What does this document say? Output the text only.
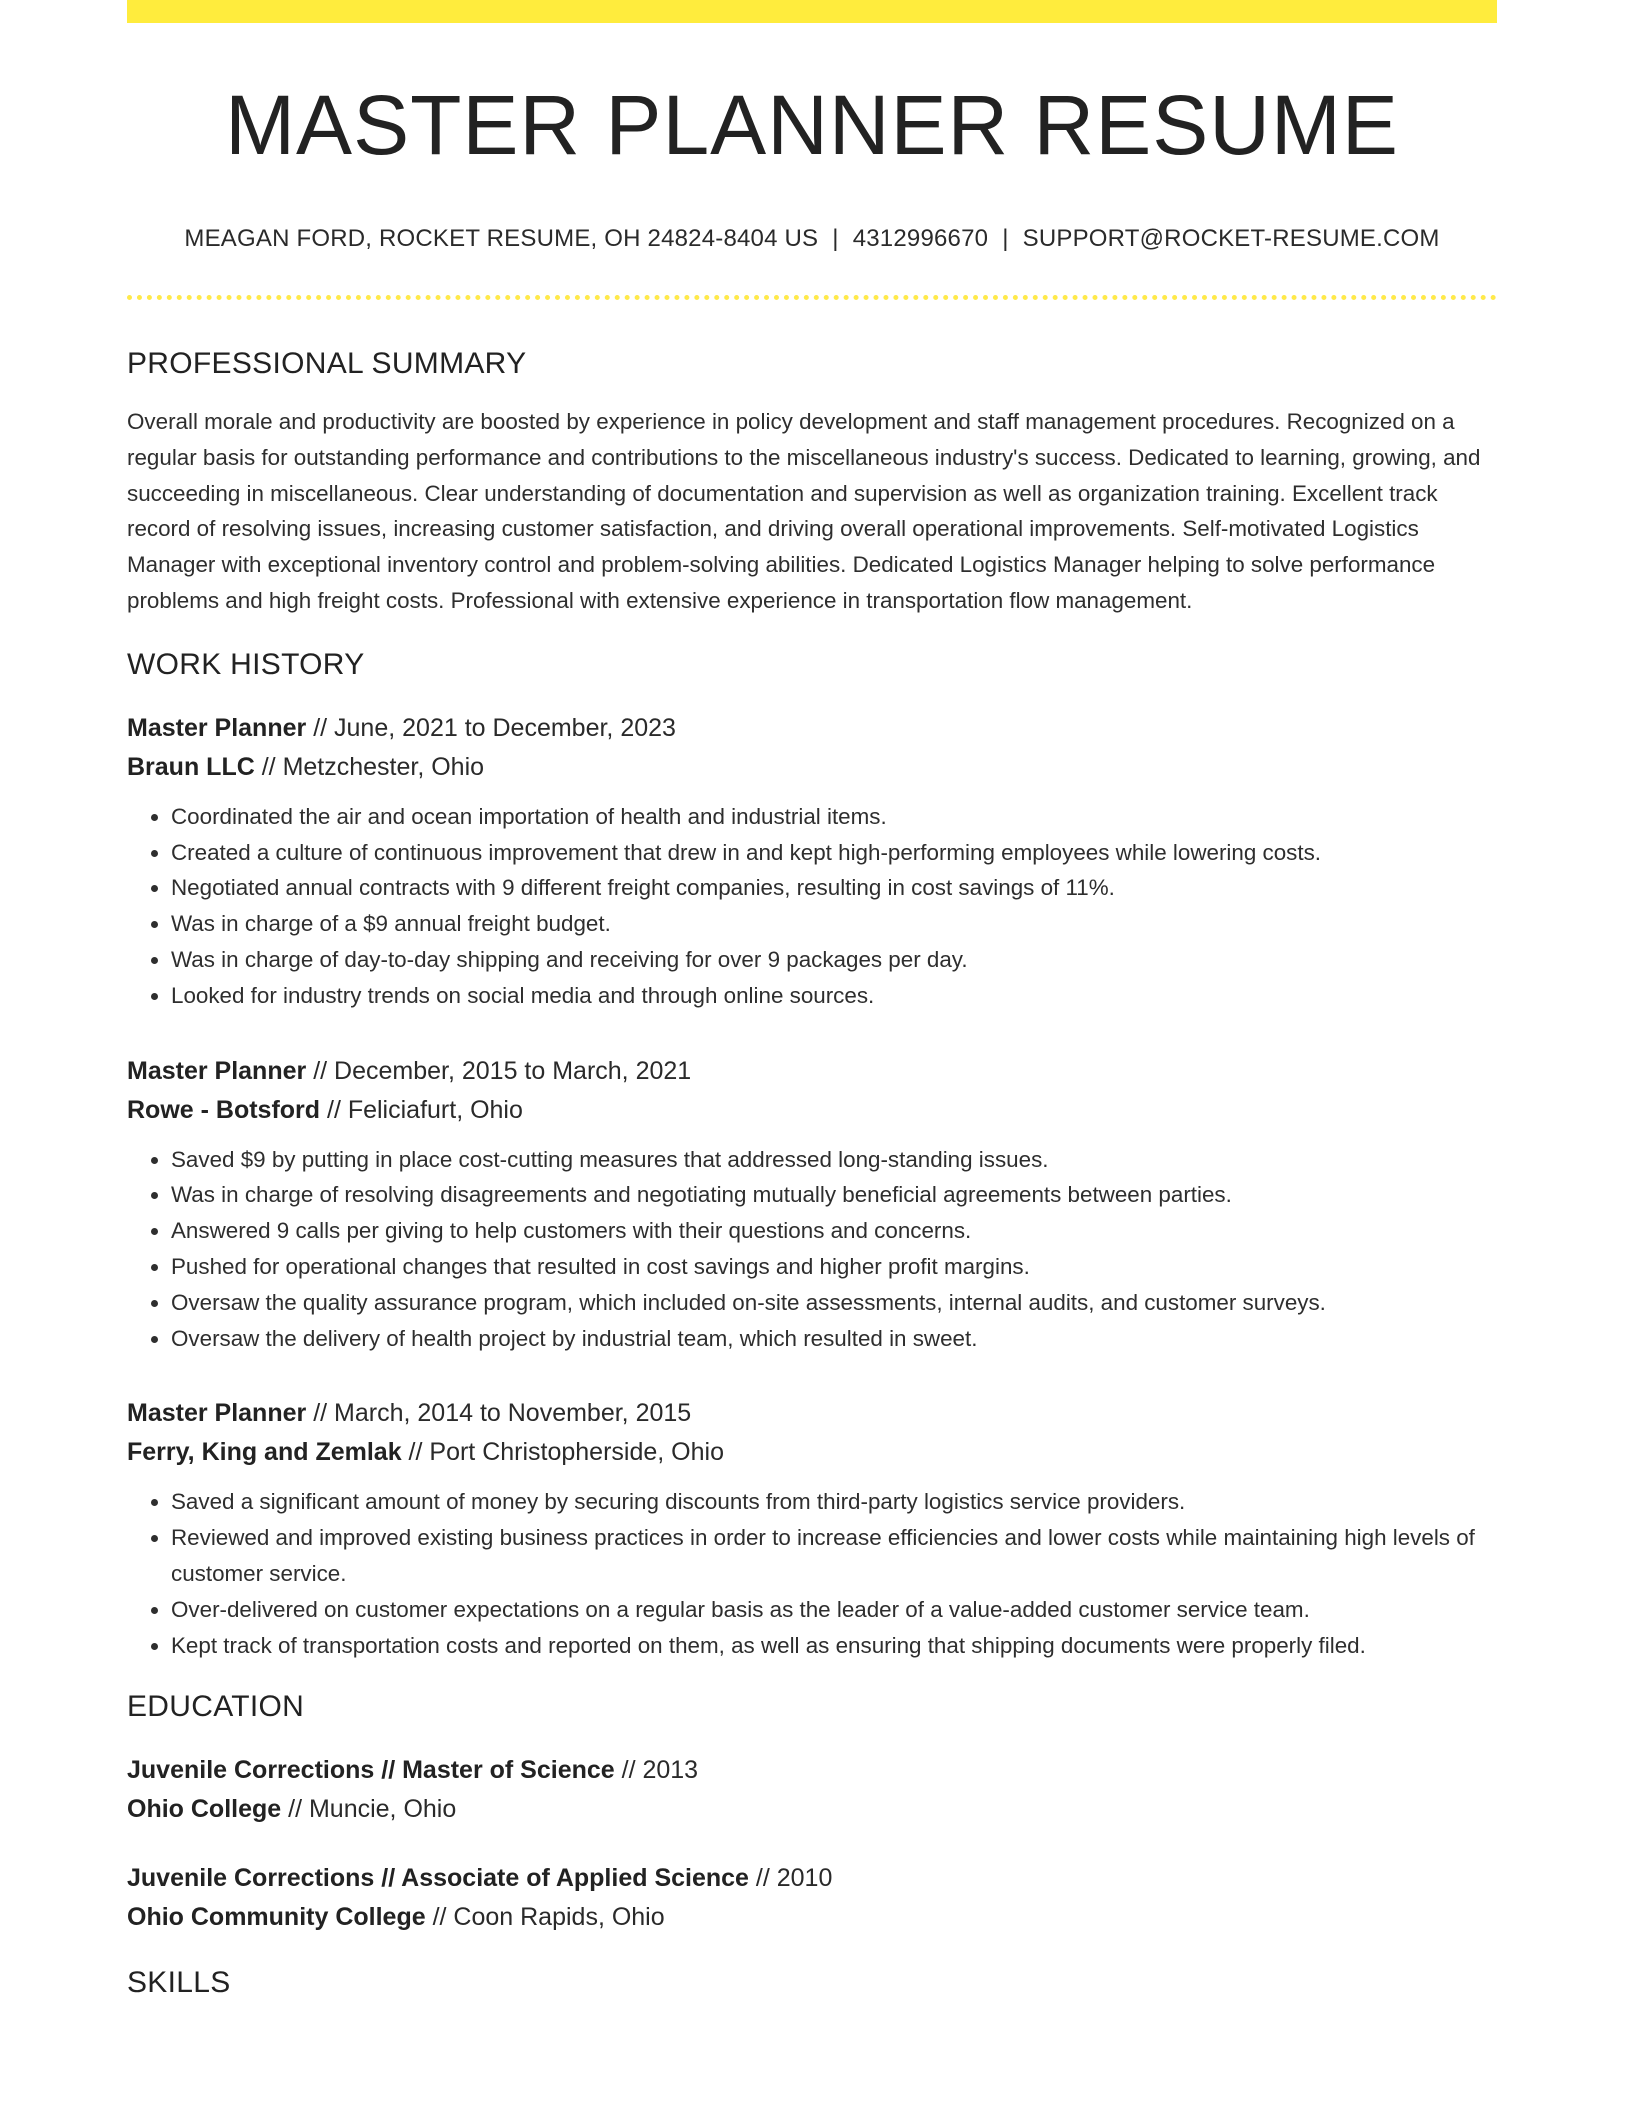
MASTER PLANNER RESUME
MEAGAN FORD, ROCKET RESUME, OH 24824-8404 US | 4312996670 | SUPPORT@ROCKET-RESUME.COM
PROFESSIONAL SUMMARY

Overall morale and productivity are boosted by experience in policy development and staff management procedures. Recognized on a regular basis for outstanding performance and contributions to the miscellaneous industry's success. Dedicated to learning, growing, and succeeding in miscellaneous. Clear understanding of documentation and supervision as well as organization training. Excellent track record of resolving issues, increasing customer satisfaction, and driving overall operational improvements. Self-motivated Logistics Manager with exceptional inventory control and problem-solving abilities. Dedicated Logistics Manager helping to solve performance problems and high freight costs. Professional with extensive experience in transportation flow management.

WORK HISTORY
Master Planner // June, 2021 to December, 2023
Braun LLC // Metzchester, Ohio
• Coordinated the air and ocean importation of health and industrial items.
• Created a culture of continuous improvement that drew in and kept high-performing employees while lowering costs.
• Negotiated annual contracts with 9 different freight companies, resulting in cost savings of 11%.
• Was in charge of a $9 annual freight budget.
• Was in charge of day-to-day shipping and receiving for over 9 packages per day.
• Looked for industry trends on social media and through online sources.
Master Planner // December, 2015 to March, 2021
Rowe - Botsford // Feliciafurt, Ohio
• Saved $9 by putting in place cost-cutting measures that addressed long-standing issues.
• Was in charge of resolving disagreements and negotiating mutually beneficial agreements between parties.
• Answered 9 calls per giving to help customers with their questions and concerns.
• Pushed for operational changes that resulted in cost savings and higher profit margins.
• Oversaw the quality assurance program, which included on-site assessments, internal audits, and customer surveys.
• Oversaw the delivery of health project by industrial team, which resulted in sweet.
Master Planner // March, 2014 to November, 2015
Ferry, King and Zemlak // Port Christopherside, Ohio
• Saved a significant amount of money by securing discounts from third-party logistics service providers.
• Reviewed and improved existing business practices in order to increase efficiencies and lower costs while maintaining high levels of customer service.
• Over-delivered on customer expectations on a regular basis as the leader of a value-added customer service team.
• Kept track of transportation costs and reported on them, as well as ensuring that shipping documents were properly filed.
EDUCATION
Juvenile Corrections // Master of Science // 2013
Ohio College // Muncie, Ohio
Juvenile Corrections // Associate of Applied Science // 2010
Ohio Community College // Coon Rapids, Ohio
SKILLS
